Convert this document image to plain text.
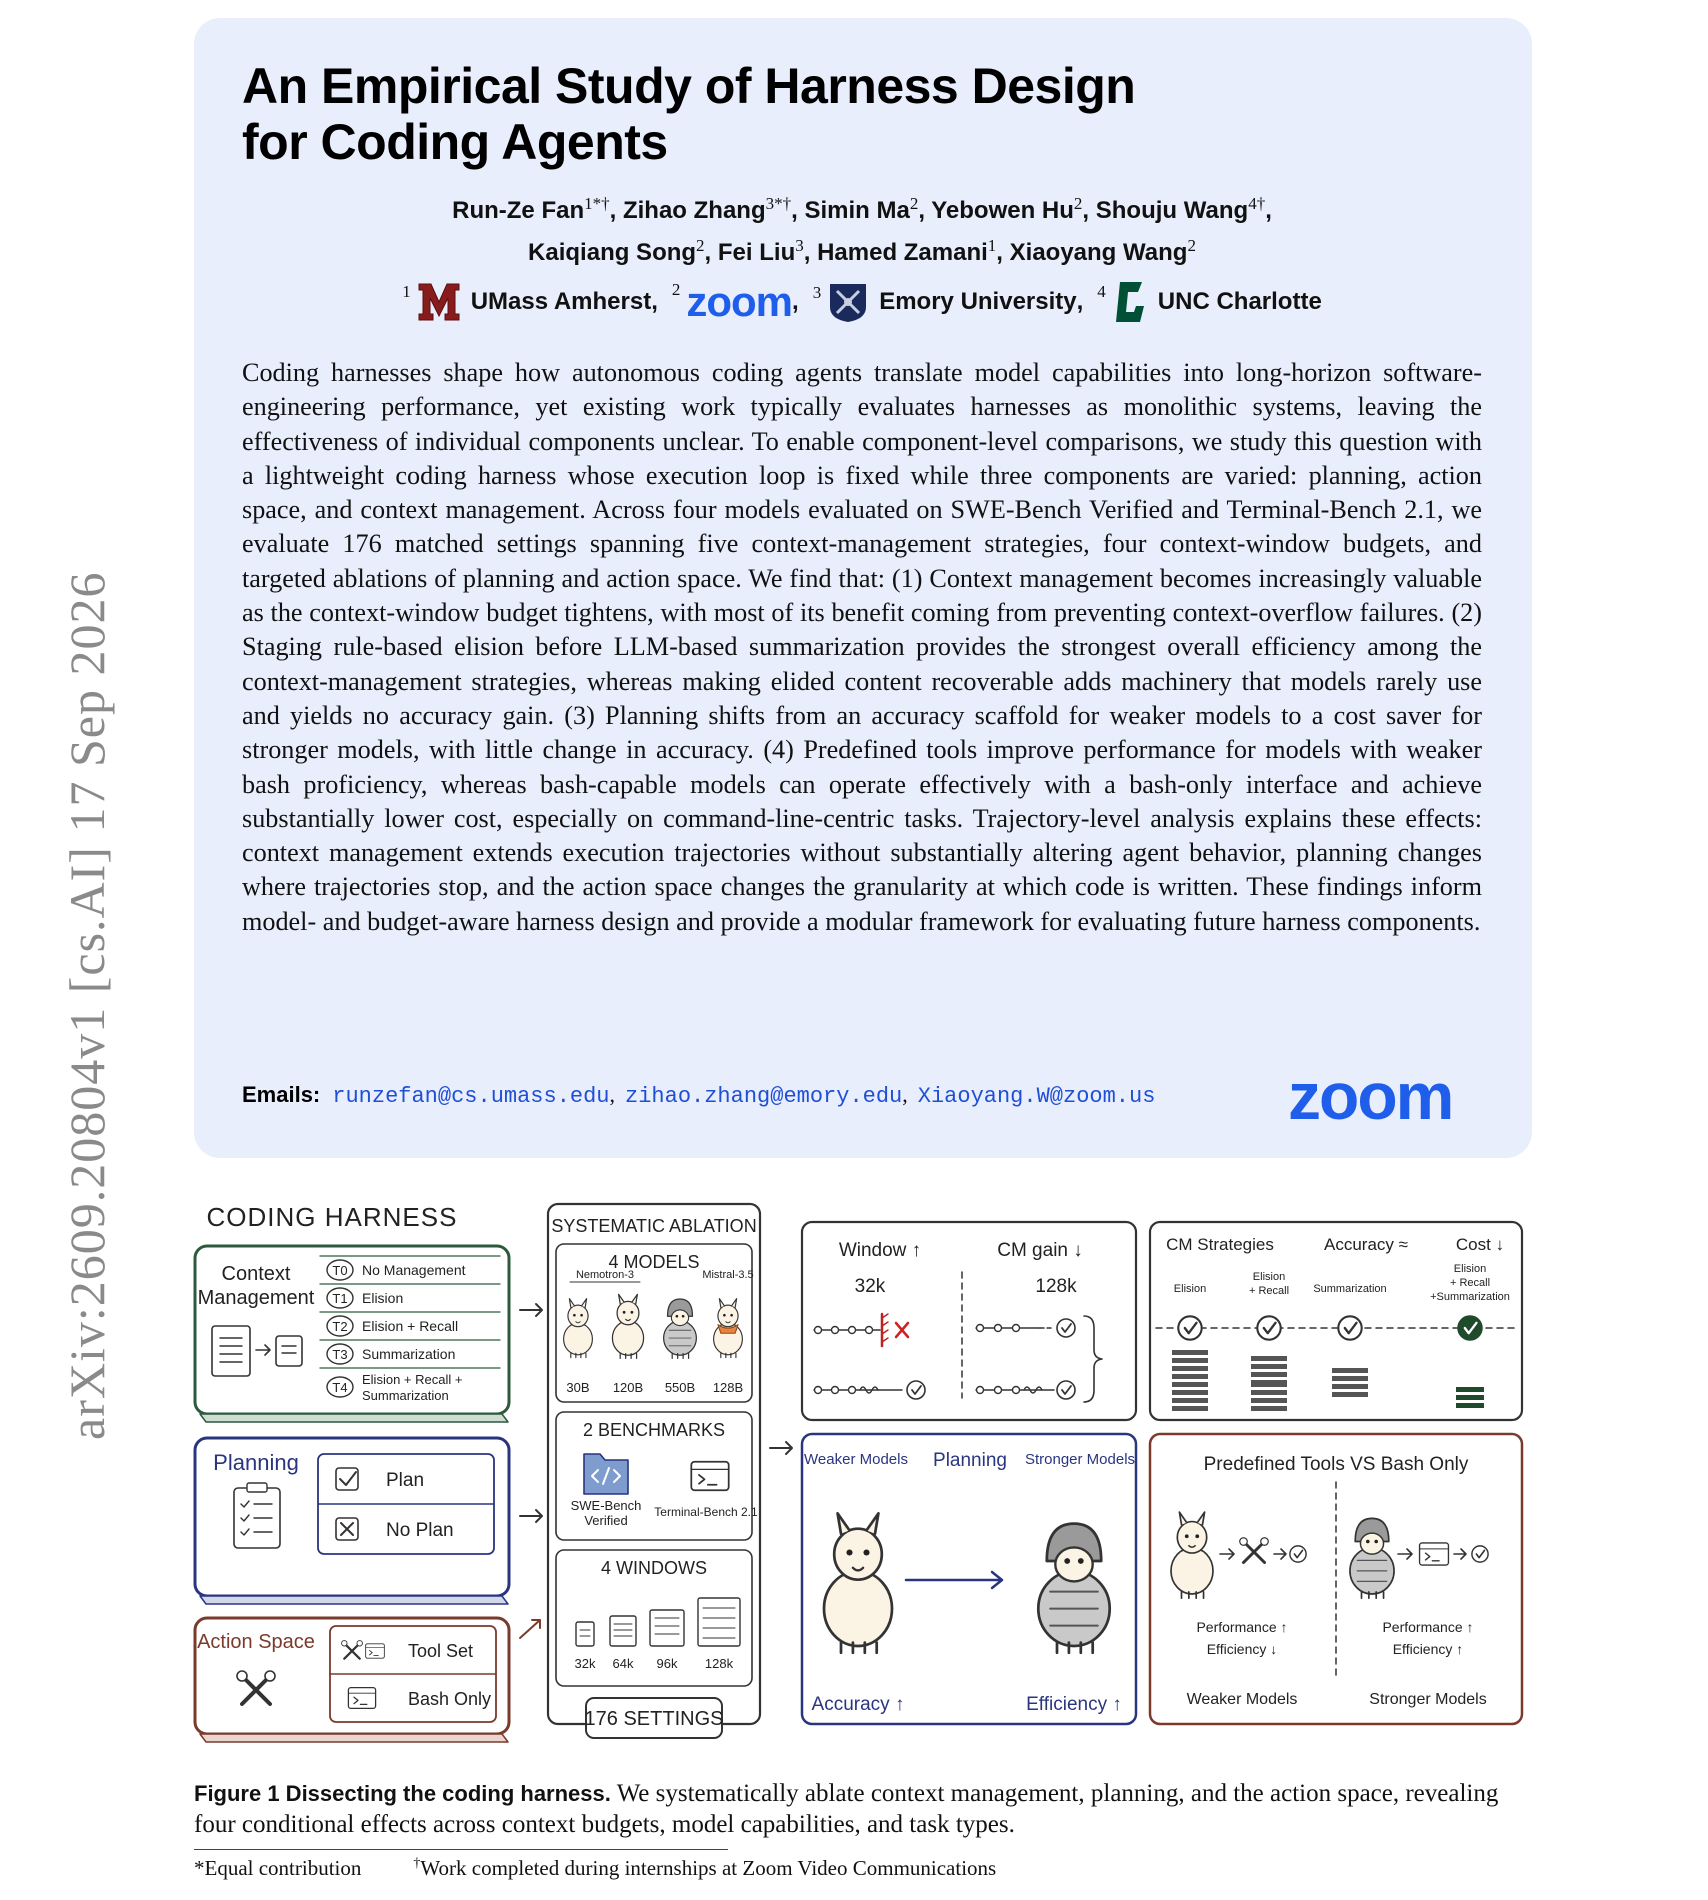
arXiv:2609.20804v1 [cs.AI] 17 Sep 2026
An Empirical Study of Harness Design
for Coding Agents
Run-Ze Fan$^{1*\dagger}$, Zihao Zhang$^{3*\dagger}$, Simin Ma$^2$, Yebowen Hu$^2$, Shouju Wang$^{4\dagger}$,
Kaiqiang Song$^2$, Fei Liu$^3$, Hamed Zamani$^1$, Xiaoyang Wang$^2$
1	UMass Amherst , 2 zoom , 3 Emory University , 4 UNC Charlotte
Coding harnesses shape how autonomous coding agents translate model capabilities into long-horizon software-engineering performance, yet existing work typically evaluates harnesses as monolithic systems, leaving the effectiveness of individual components unclear. To enable component-level comparisons, we study this question with a lightweight coding harness whose execution loop is fixed while three components are varied: planning, action space, and context management. Across four models evaluated on SWE-Bench Verified and Terminal-Bench 2.1, we evaluate 176 matched settings spanning five context-management strategies, four context-window budgets, and targeted ablations of planning and action space. We find that: (1) Context management becomes increasingly valuable as the context-window budget tightens, with most of its benefit coming from preventing context-overflow failures. (2) Staging rule-based elision before LLM-based summarization provides the strongest overall efficiency among the context-management strategies, whereas making elided content recoverable adds machinery that models rarely use and yields no accuracy gain. (3) Planning shifts from an accuracy scaffold for weaker models to a cost saver for stronger models, with little change in accuracy. (4) Predefined tools improve performance for models with weaker bash proficiency, whereas bash-capable models can operate effectively with a bash-only interface and achieve substantially lower cost, especially on command-line-centric tasks. Trajectory-level analysis explains these effects: context management extends execution trajectories without substantially altering agent behavior, planning changes where trajectories stop, and the action space changes the granularity at which code is written. These findings inform model- and budget-aware harness design and provide a modular framework for evaluating future harness components.
Emails: runzefan@cs.umass.edu , zihao.zhang@emory.edu , Xiaoyang.W@zoom.us zoom
CODING HARNESS
Context
Management
T0 No Management
T1 Elision
T2 Elision + Recall
T3 Summarization
T4
Elision + Recall +
Summarization
Planning
Plan
No Plan
Action Space	Tool Set
Bash Only
SYSTEMATIC ABLATION
4 MODELS
Nemotron-3	Mistral-3.5
30B 120B 550B 128B
2 BENCHMARKS
SWE-Bench
Verified
Terminal-Bench 2.1
4 WINDOWS
32k 64k 96k 128k
176 SETTINGS
Window ↑	CM gain ↓
32k	128k
CM Strategies	Accuracy ≈	Cost ↓
Elision
Elision
+ Recall Summarization
Elision
+ Recall
+Summarization
Weaker Models Planning Stronger Models
Accuracy ↑	Efficiency ↑
Predefined Tools VS Bash Only
Performance ↑
Efficiency ↓
Performance ↑
Efficiency ↑
Weaker Models	Stronger Models
Figure 1 Dissecting the coding harness. We systematically ablate context management, planning, and the action space, revealing four conditional effects across context budgets, model capabilities, and task types.
*Equal contribution	†Work completed during internships at Zoom Video Communications
